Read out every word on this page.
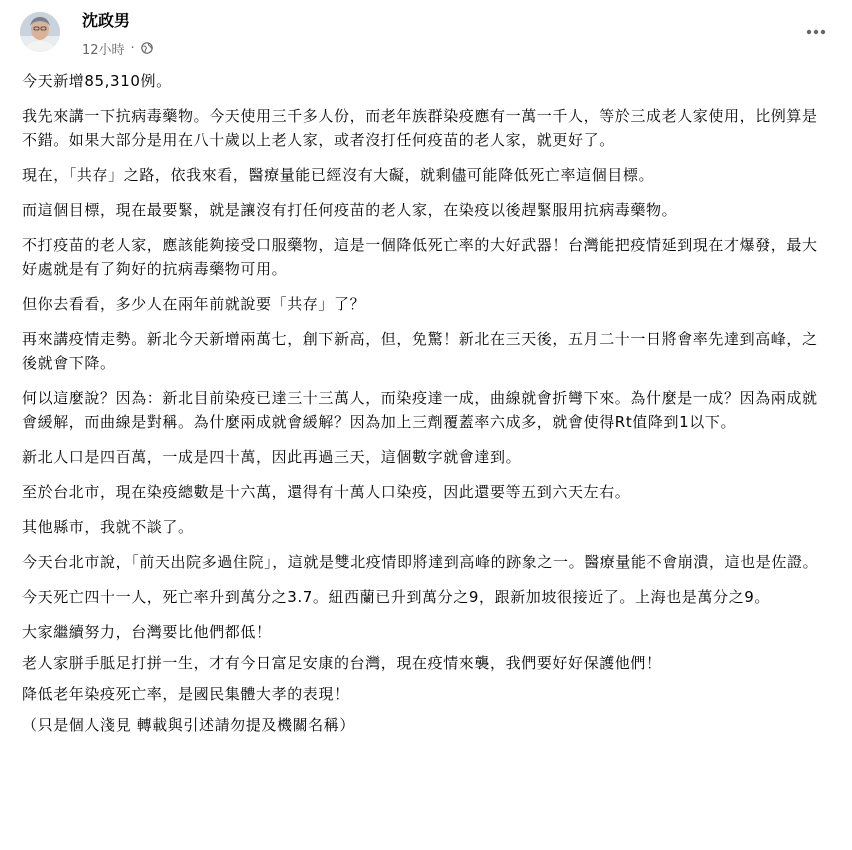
沈政男
12小時 ·

今天新增85,310例。

我先來講一下抗病毒藥物。今天使用三千多人份，而老年族群染疫應有一萬一千人，等於三成老人家使用，比例算是不錯。如果大部分是用在八十歲以上老人家，或者沒打任何疫苗的老人家，就更好了。

現在，「共存」之路，依我來看，醫療量能已經沒有大礙，就剩儘可能降低死亡率這個目標。

而這個目標，現在最要緊，就是讓沒有打任何疫苗的老人家，在染疫以後趕緊服用抗病毒藥物。

不打疫苗的老人家，應該能夠接受口服藥物，這是一個降低死亡率的大好武器！台灣能把疫情延到現在才爆發，最大好處就是有了夠好的抗病毒藥物可用。

但你去看看，多少人在兩年前就說要「共存」了？

再來講疫情走勢。新北今天新增兩萬七，創下新高，但，免驚！新北在三天後，五月二十一日將會率先達到高峰，之後就會下降。

何以這麼說？因為：新北目前染疫已達三十三萬人，而染疫達一成，曲線就會折彎下來。為什麼是一成？因為兩成就會緩解，而曲線是對稱。為什麼兩成就會緩解？因為加上三劑覆蓋率六成多，就會使得Rt值降到1以下。

新北人口是四百萬，一成是四十萬，因此再過三天，這個數字就會達到。

至於台北市，現在染疫總數是十六萬，還得有十萬人口染疫，因此還要等五到六天左右。

其他縣市，我就不談了。

今天台北市說，「前天出院多過住院」，這就是雙北疫情即將達到高峰的跡象之一。醫療量能不會崩潰，這也是佐證。

今天死亡四十一人，死亡率升到萬分之3.7。紐西蘭已升到萬分之9，跟新加坡很接近了。上海也是萬分之9。

大家繼續努力，台灣要比他們都低！

老人家胼手胝足打拼一生，才有今日富足安康的台灣，現在疫情來襲，我們要好好保護他們！

降低老年染疫死亡率，是國民集體大孝的表現！

（只是個人淺見 轉載與引述請勿提及機關名稱）
